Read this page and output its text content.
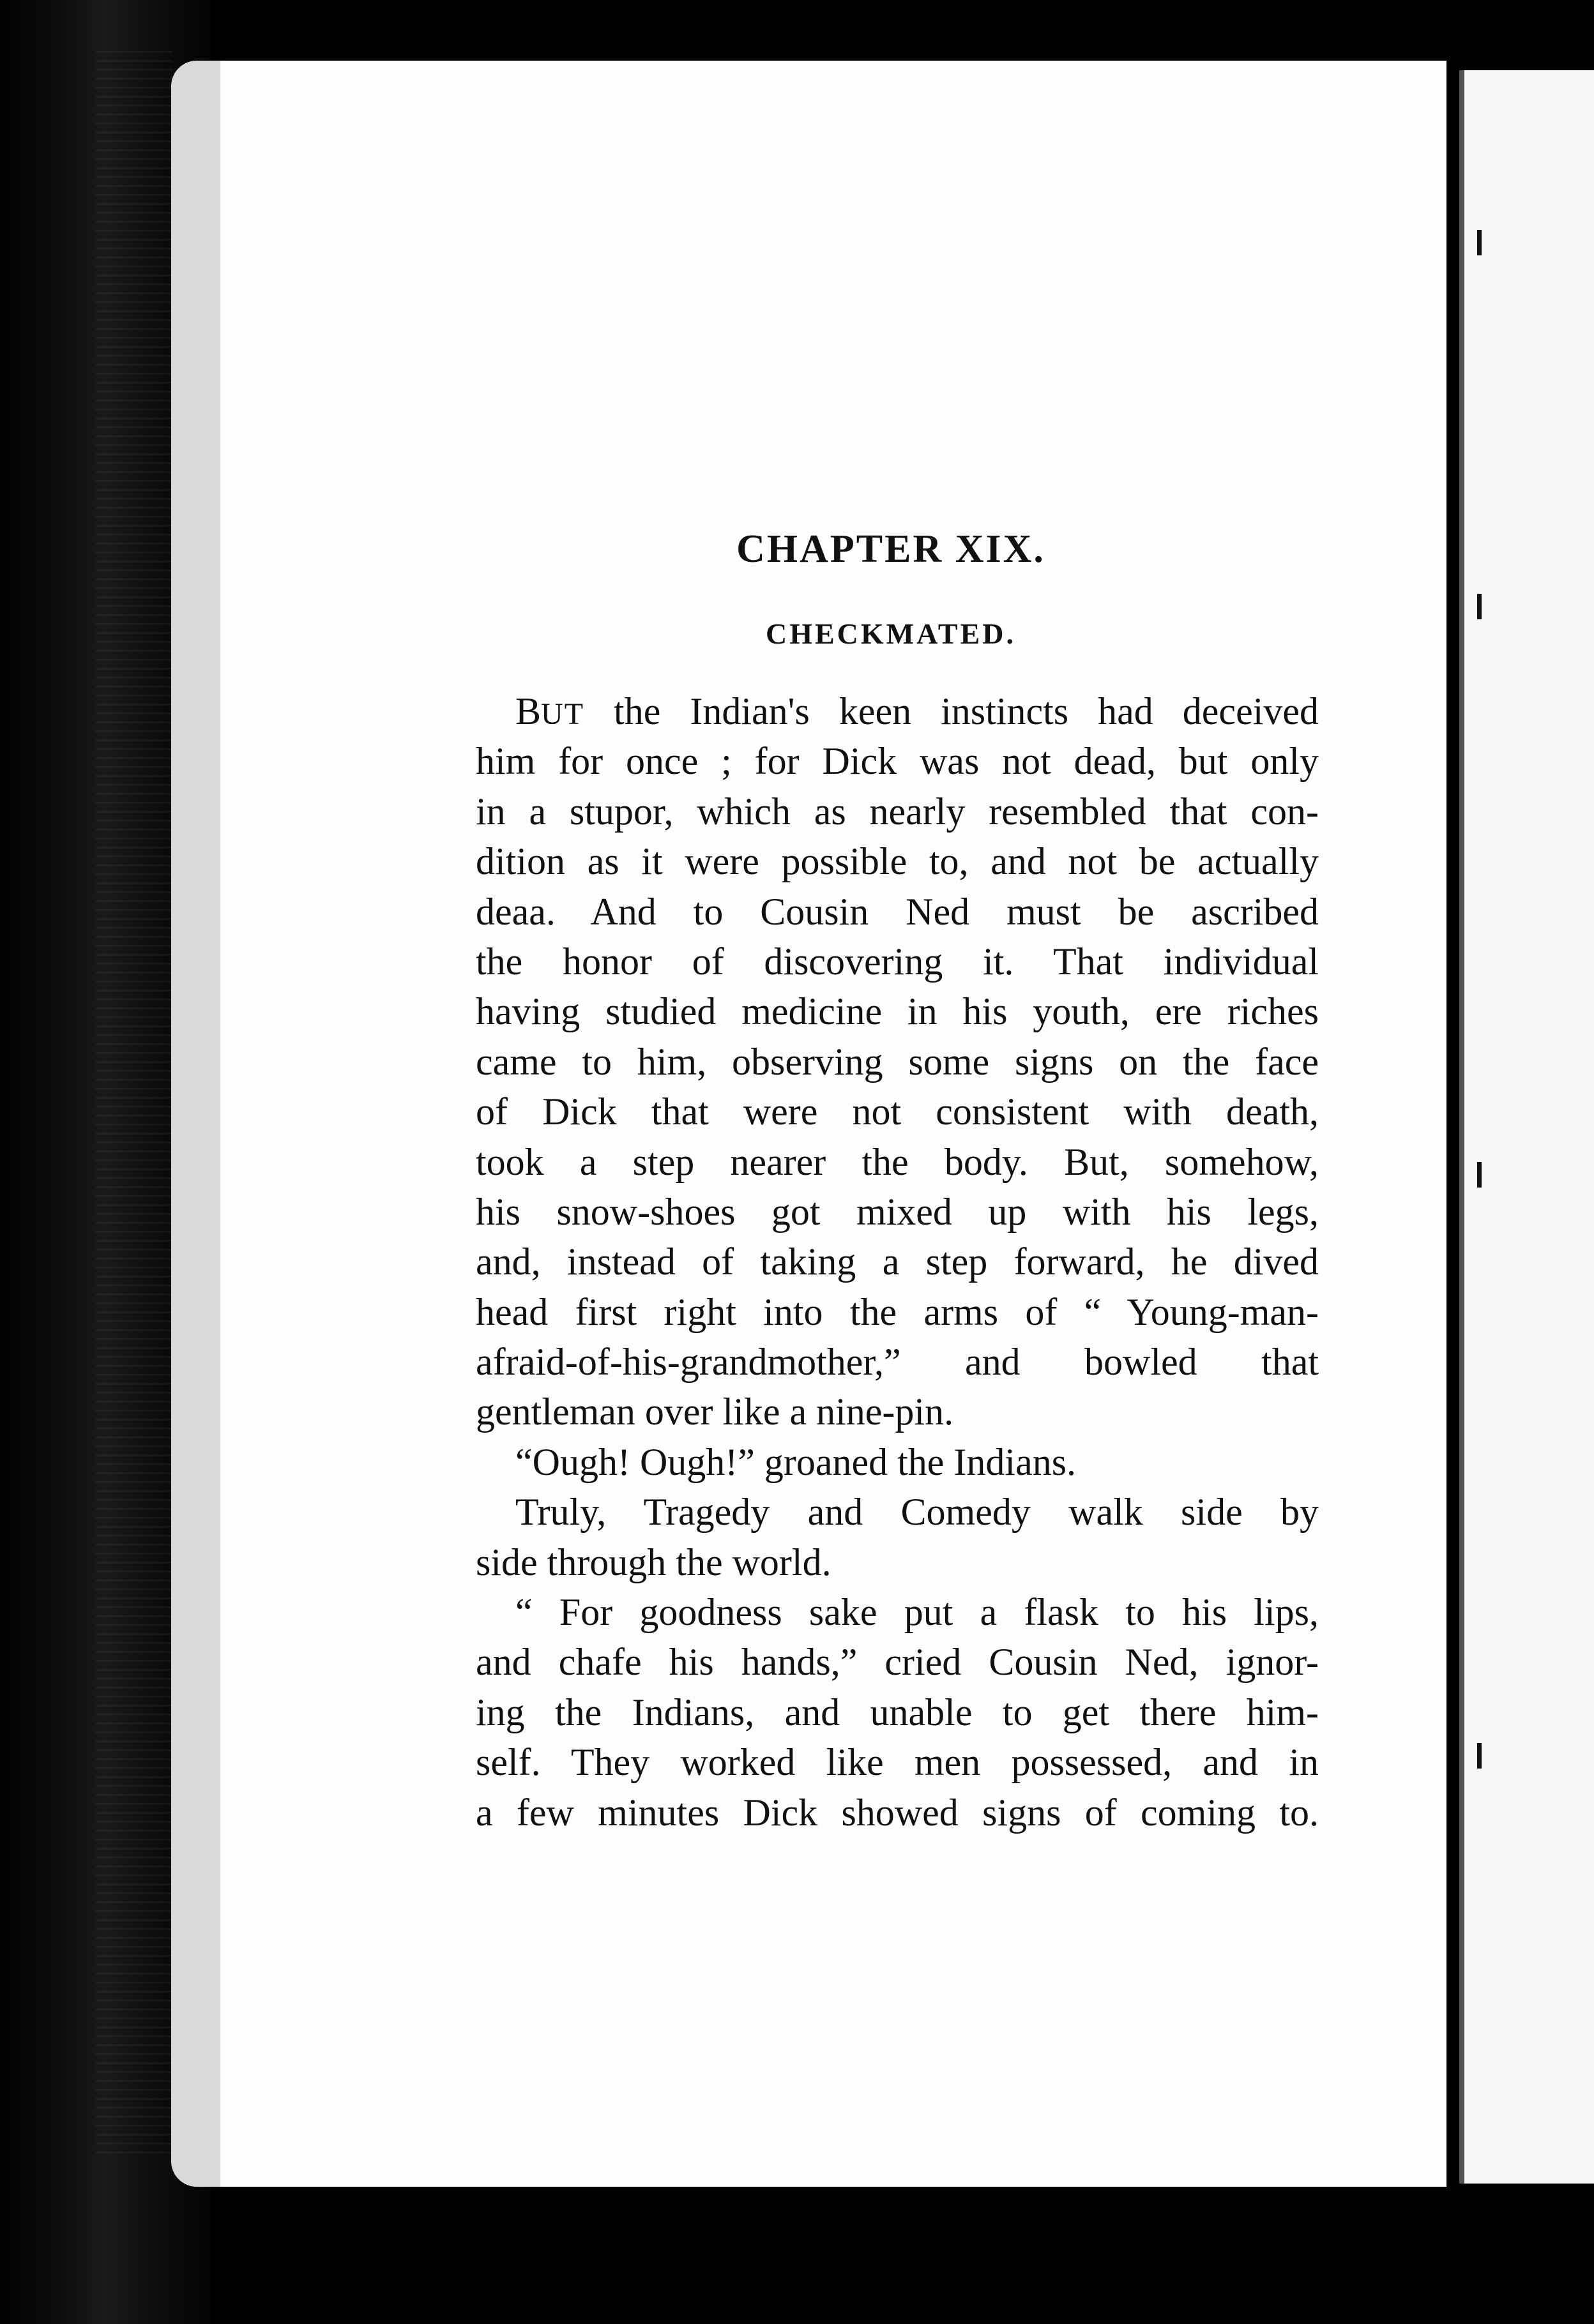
CHAPTER XIX.
CHECKMATED.
BUT the Indian's keen instincts had deceived
him for once ; for Dick was not dead, but only
in a stupor, which as nearly resembled that con-
dition as it were possible to, and not be actually
deaa. And to Cousin Ned must be ascribed
the honor of discovering it. That individual
having studied medicine in his youth, ere riches
came to him, observing some signs on the face
of Dick that were not consistent with death,
took a step nearer the body. But, somehow,
his snow-shoes got mixed up with his legs,
and, instead of taking a step forward, he dived
head first right into the arms of “ Young-man-
afraid-of-his-grandmother,” and bowled that
gentleman over like a nine-pin.
“Ough! Ough!” groaned the Indians.
Truly, Tragedy and Comedy walk side by
side through the world.
“ For goodness sake put a flask to his lips,
and chafe his hands,” cried Cousin Ned, ignor-
ing the Indians, and unable to get there him-
self. They worked like men possessed, and in
a few minutes Dick showed signs of coming to.
